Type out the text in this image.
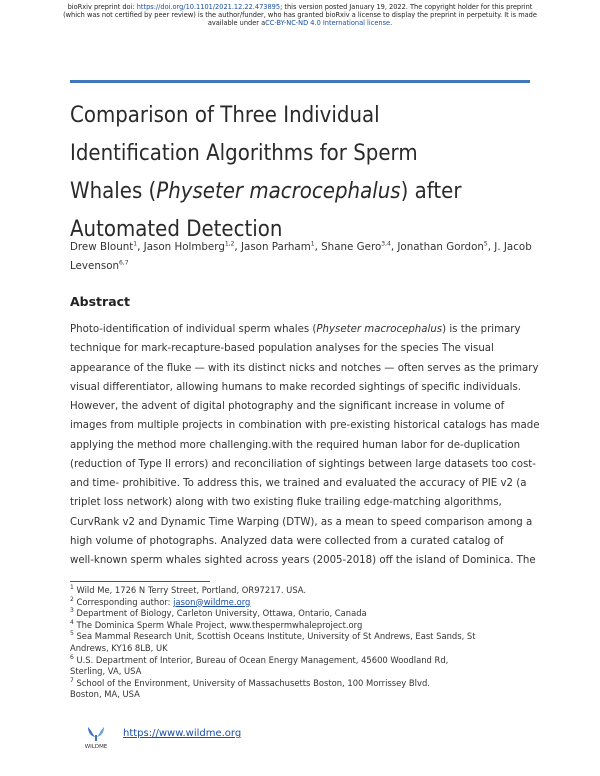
bioRxiv preprint doi: https://doi.org/10.1101/2021.12.22.473895; this version posted January 19, 2022. The copyright holder for this preprint
(which was not certified by peer review) is the author/funder, who has granted bioRxiv a license to display the preprint in perpetuity. It is made
available under aCC-BY-NC-ND 4.0 International license.
Comparison of Three Individual Identification Algorithms for Sperm Whales (Physeter macrocephalus) after Automated Detection
Drew Blount$^1$, Jason Holmberg$^{1,2}$, Jason Parham$^1$, Shane Gero$^{3,4}$, Jonathan Gordon$^5$, J. Jacob Levenson$^{6,7}$
Abstract
Photo-identification of individual sperm whales (Physeter macrocephalus) is the primary
technique for mark-recapture-based population analyses for the species The visual
appearance of the fluke — with its distinct nicks and notches — often serves as the primary
visual differentiator, allowing humans to make recorded sightings of specific individuals.
However, the advent of digital photography and the significant increase in volume of
images from multiple projects in combination with pre-existing historical catalogs has made
applying the method more challenging.with the required human labor for de-duplication
(reduction of Type II errors) and reconciliation of sightings between large datasets too cost-
and time- prohibitive. To address this, we trained and evaluated the accuracy of PIE v2 (a
triplet loss network) along with two existing fluke trailing edge-matching algorithms,
CurvRank v2 and Dynamic Time Warping (DTW), as a mean to speed comparison among a
high volume of photographs. Analyzed data were collected from a curated catalog of
well-known sperm whales sighted across years (2005-2018) off the island of Dominica. The
$^1$ Wild Me, 1726 N Terry Street, Portland, OR97217. USA.
$^2$ Corresponding author: jason@wildme.org
$^3$ Department of Biology, Carleton University, Ottawa, Ontario, Canada
$^4$ The Dominica Sperm Whale Project, www.thespermwhaleproject.org
$^5$ Sea Mammal Research Unit, Scottish Oceans Institute, University of St Andrews, East Sands, St
Andrews, KY16 8LB, UK
$^6$ U.S. Department of Interior, Bureau of Ocean Energy Management, 45600 Woodland Rd,
Sterling, VA, USA
$^7$ School of the Environment, University of Massachusetts Boston, 100 Morrissey Blvd.
Boston, MA, USA
WILDME
https://www.wildme.org
